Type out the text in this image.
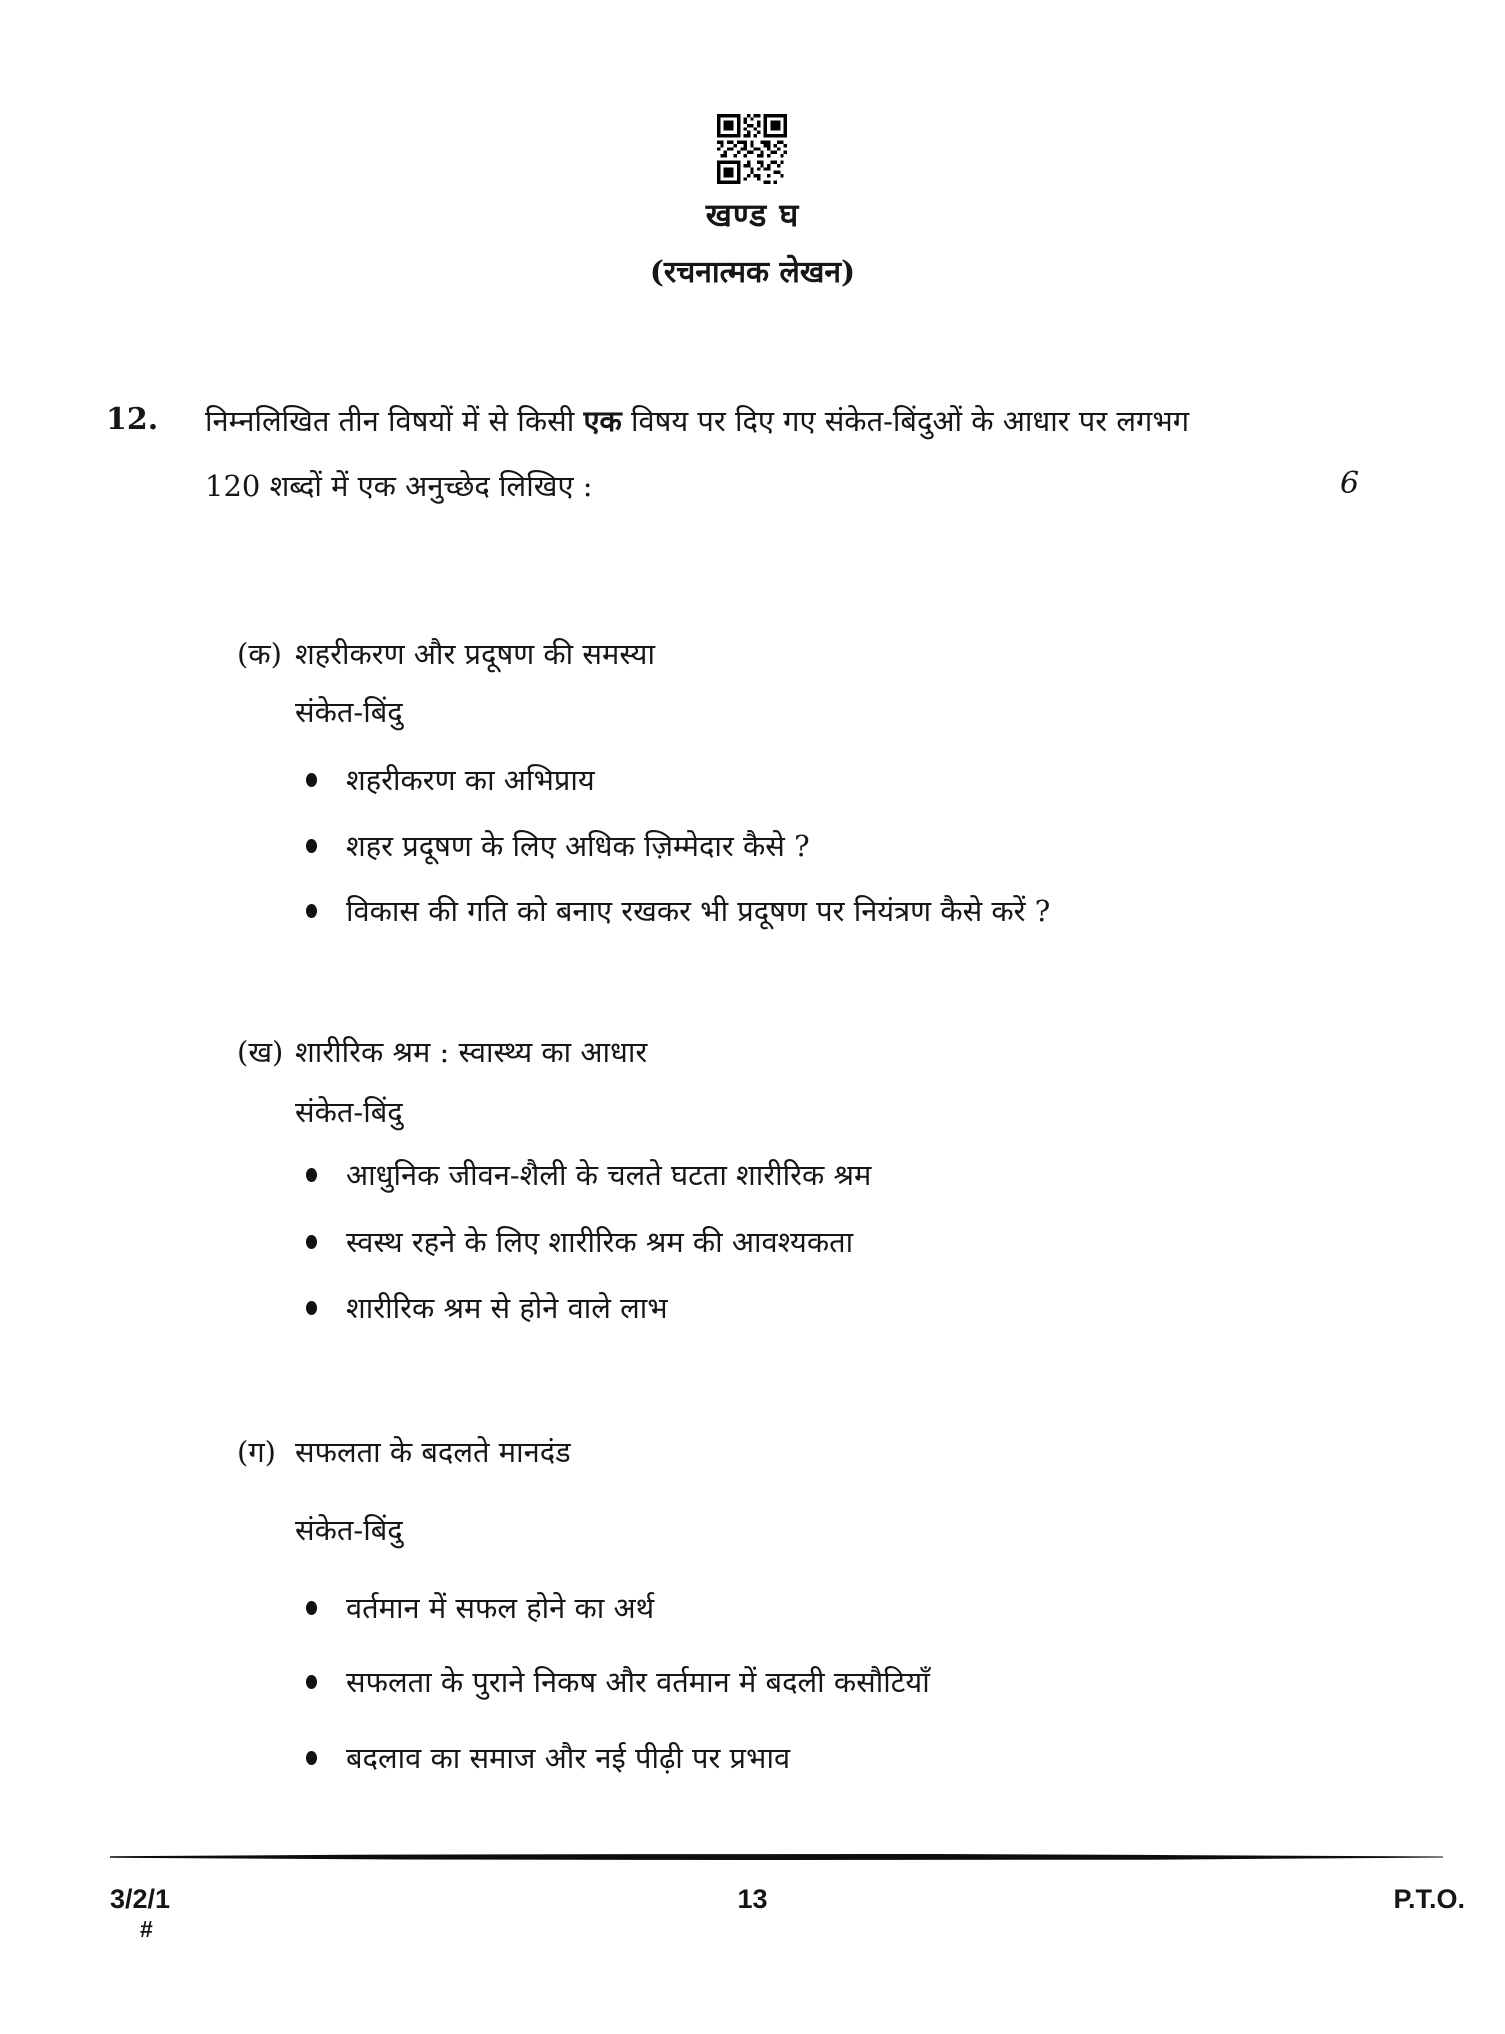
खण्ड घ
(रचनात्मक लेखन)
12. निम्नलिखित तीन विषयों में से किसी एक विषय पर दिए गए संकेत-बिंदुओं के आधार पर लगभग
120 शब्दों में एक अनुच्छेद लिखिए :	6
(क) शहरीकरण और प्रदूषण की समस्या
संकेत-बिंदु
शहरीकरण का अभिप्राय
शहर प्रदूषण के लिए अधिक ज़िम्मेदार कैसे ?
विकास की गति को बनाए रखकर भी प्रदूषण पर नियंत्रण कैसे करें ?
(ख) शारीरिक श्रम : स्वास्थ्य का आधार
संकेत-बिंदु
आधुनिक जीवन-शैली के चलते घटता शारीरिक श्रम
स्वस्थ रहने के लिए शारीरिक श्रम की आवश्यकता
शारीरिक श्रम से होने वाले लाभ
(ग) सफलता के बदलते मानदंड
संकेत-बिंदु
वर्तमान में सफल होने का अर्थ
सफलता के पुराने निकष और वर्तमान में बदली कसौटियाँ
बदलाव का समाज और नई पीढ़ी पर प्रभाव
3/2/1	13	P.T.O.
#
